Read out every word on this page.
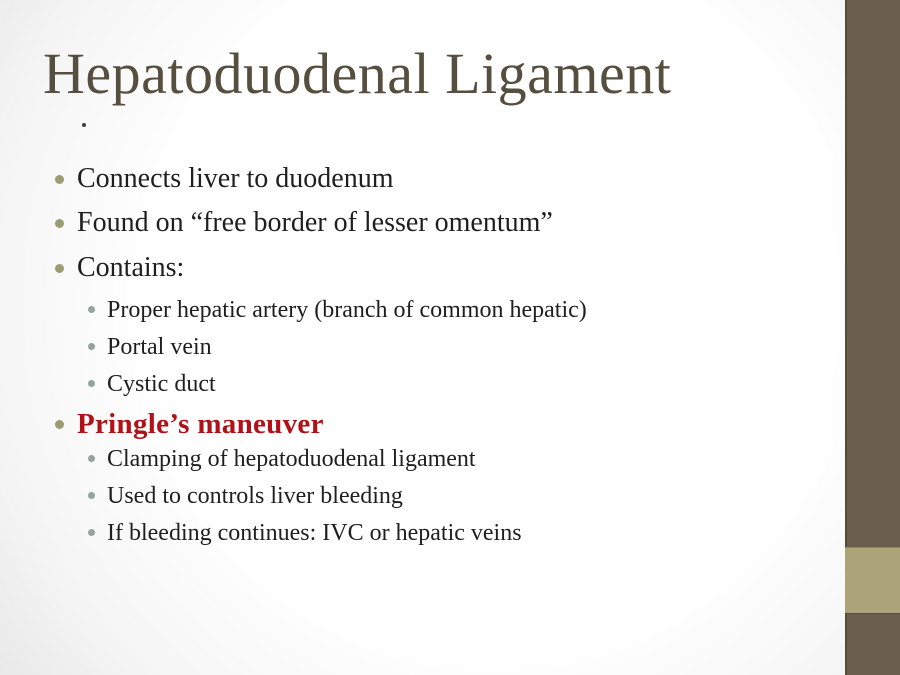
Hepatoduodenal Ligament
Connects liver to duodenum
Found on “free border of lesser omentum”
Contains:
Proper hepatic artery (branch of common hepatic)
Portal vein
Cystic duct
Pringle’s maneuver
Clamping of hepatoduodenal ligament
Used to controls liver bleeding
If bleeding continues: IVC or hepatic veins
